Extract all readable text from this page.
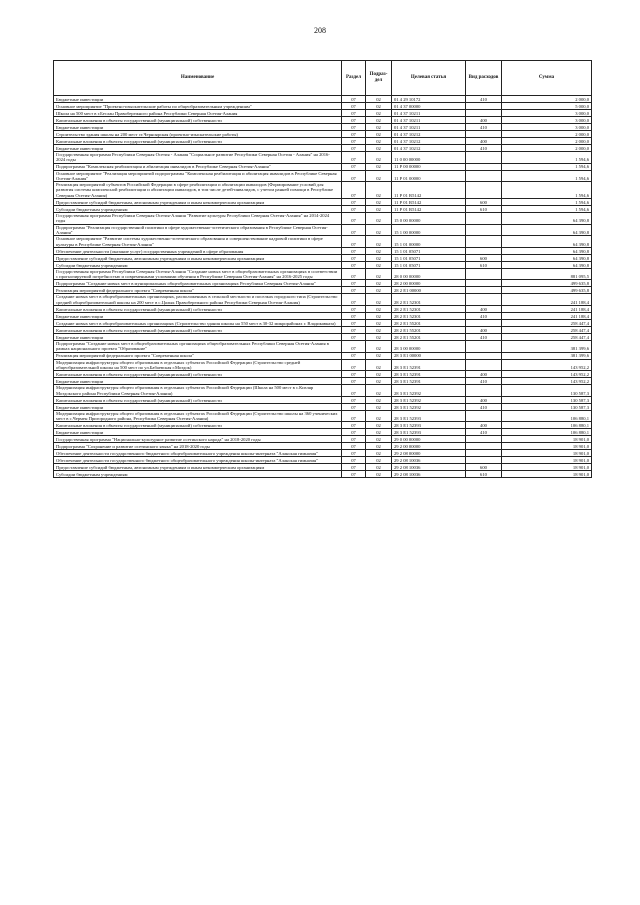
208
Наименование	Раздел	Подраз-дел	Целевая статья	Вид расходов	Сумма
Бюджетные инвестиции	07	02	01 4 29 10172	410	2 000,0
Основное мероприятие "Проектно-изыскательские работы по общеобразовательным учреждениям"	07	02	01 4 37 00000		5 000,0
Школа на 500 мест в г.Беслан Правобережного района Республики Северная Осетия-Алания	07	02	01 4 37 10211		3 000,0
Капитальные вложения в объекты государственной (муниципальной) собственности	07	02	01 4 37 10211	400	3 000,0
Бюджетные инвестиции	07	02	01 4 37 10211	410	3 000,0
Строительство здания школы на 200 мест ст.Черноярская (проектно-изыскательские работы)	07	02	01 4 37 10212		2 000,0
Капитальные вложения в объекты государственной (муниципальной) собственности	07	02	01 4 37 10212	400	2 000,0
Бюджетные инвестиции	07	02	01 4 37 10212	410	2 000,0
Государственная программа Республики Северная Осетия - Алания "Социальное развитие Республики Северная Осетия - Алания" на 2016-2024 годы	07	02	11 0 00 00000		1 594,6
Подпрограмма "Комплексная реабилитация и абилитация инвалидов в Республике Северная Осетия-Алания"	07	02	11 Р 00 00000		1 594,6
Основное мероприятие "Реализация мероприятий подпрограммы "Комплексная реабилитация и абилитация инвалидов в Республике Северная Осетия-Алания"	07	02	11 Р 01 00000		1 594,6
Реализация мероприятий субъектов Российской Федерации в сфере реабилитации и абилитации инвалидов (Формирование условий для развития системы комплексной реабилитации и абилитации инвалидов, в том числе детей-инвалидов, с учетом ранней помощи в Республике Северная Осетия-Алания)	07	02	11 Р 01 R5142		1 594,6
Предоставление субсидий бюджетным, автономным учреждениям и иным некоммерческим организациям	07	02	11 Р 01 R5142	600	1 594,6
Субсидии бюджетным учреждениям	07	02	11 Р 01 R5142	610	1 594,6
Государственная программа Республики Северная Осетия-Алания "Развитие культуры Республики Северная Осетия-Алания" на 2014-2024 годы	07	02	15 0 00 00000		64 390,8
Подпрограмма "Реализация государственной политики в сфере художественно-эстетического образования в Республике Северная Осетия-Алания"	07	02	15 1 00 00000		64 390,8
Основное мероприятие "Развитие системы художественно-эстетического образования и совершенствование кадровой политики в сфере культуры в Республике Северная Осетия-Алания"	07	02	15 1 01 00000		64 390,8
Обеспечение деятельности (оказание услуг) государственных учреждений в сфере образования	07	02	15 1 01 05071		64 390,8
Предоставление субсидий бюджетным, автономным учреждениям и иным некоммерческим организациям	07	02	15 1 01 05071	600	64 390,8
Субсидии бюджетным учреждениям	07	02	15 1 01 05071	610	64 390,8
Государственная программа Республики Северная Осетия-Алания "Создание новых мест в общеобразовательных организациях в соответствии с прогнозируемой потребностью и современными условиями обучения в Республике Северная Осетия-Алания" на 2016-2025 годы	07	02	28 0 00 00000		881 095,5
Подпрограмма "Создание новых мест в муниципальных общеобразовательных организациях Республики Северная Осетия-Алания"	07	02	28 2 00 00000		499 635,8
Реализация мероприятий федерального проекта "Современная школа"	07	02	28 2 E1 00000		499 635,8
Создание новых мест в общеобразовательных организациях, расположенных в сельской местности и поселках городского типа (Строительство средней общеобразовательной школы на 200 мест в с.Цалык Правобережного района Республики Северная Осетия-Алания)	07	02	28 2 E1 52301		241 188,4
Капитальные вложения в объекты государственной (муниципальной) собственности	07	02	28 2 E1 52301	400	241 188,4
Бюджетные инвестиции	07	02	28 2 E1 52301	410	241 188,4
Создание новых мест в общеобразовательных организациях (Строительство здания школы на 550 мест в 30-32 микрорайонах г. Владикавказа)	07	02	28 2 E1 55201		258 447,4
Капитальные вложения в объекты государственной (муниципальной) собственности	07	02	28 2 E1 55201	400	258 447,4
Бюджетные инвестиции	07	02	28 2 E1 55201	410	258 447,4
Подпрограмма "Создание новых мест в общеобразовательных организациях общеобразовательных Республики Северная Осетия-Алания в рамках национального проекта "Образование"	07	02	28 3 00 00000		381 399,6
Реализация мероприятий федерального проекта "Современная школа"	07	02	28 3 E1 00000		381 399,6
Модернизация инфраструктуры общего образования в отдельных субъектах Российской Федерации (Строительство средней общеобразовательной школы на 500 мест по ул.Бабаевская г.Моздок)	07	02	28 3 E1 52391		143 952,2
Капитальные вложения в объекты государственной (муниципальной) собственности	07	02	28 3 E1 52391	400	143 952,2
Бюджетные инвестиции	07	02	28 3 E1 52391	410	143 952,2
Модернизация инфраструктуры общего образования в отдельных субъектах Российской Федерации (Школа на 500 мест в с.Кизляр Моздокского района Республики Северная Осетия-Алания)	07	02	28 3 E1 52392		130 587,3
Капитальные вложения в объекты государственной (муниципальной) собственности	07	02	28 3 E1 52392	400	130 587,3
Бюджетные инвестиции	07	02	28 3 E1 52392	410	130 587,3
Модернизация инфраструктуры общего образования в отдельных субъектах Российской Федерации (Строительство школы на 360 ученических мест в с.Чермен Пригородного района, Республика Северная Осетия-Алания)	07	02	28 3 E1 52393		106 880,1
Капитальные вложения в объекты государственной (муниципальной) собственности	07	02	28 3 E1 52393	400	106 880,1
Бюджетные инвестиции	07	02	28 3 E1 52393	410	106 880,1
Государственная программа "Национально-культурное развитие осетинского народа" на 2018-2020 годы	07	02	29 0 00 00000		18 901,0
Подпрограмма "Сохранение и развитие осетинского языка" на 2018-2020 годы	07	02	29 2 00 00000		18 901,0
Обеспечение деятельности государственного бюджетного общеобразовательного учреждения школы-интерната "Аланская гимназия"	07	02	29 2 08 00000		18 901,0
Обеспечение деятельности государственного бюджетного общеобразовательного учреждения школы-интерната "Аланская гимназия"	07	02	29 2 08 10036		18 901,0
Предоставление субсидий бюджетным, автономным учреждениям и иным некоммерческим организациям	07	02	29 2 08 10036	600	18 901,0
Субсидии бюджетным учреждениям	07	02	29 2 08 10036	610	18 901,0
